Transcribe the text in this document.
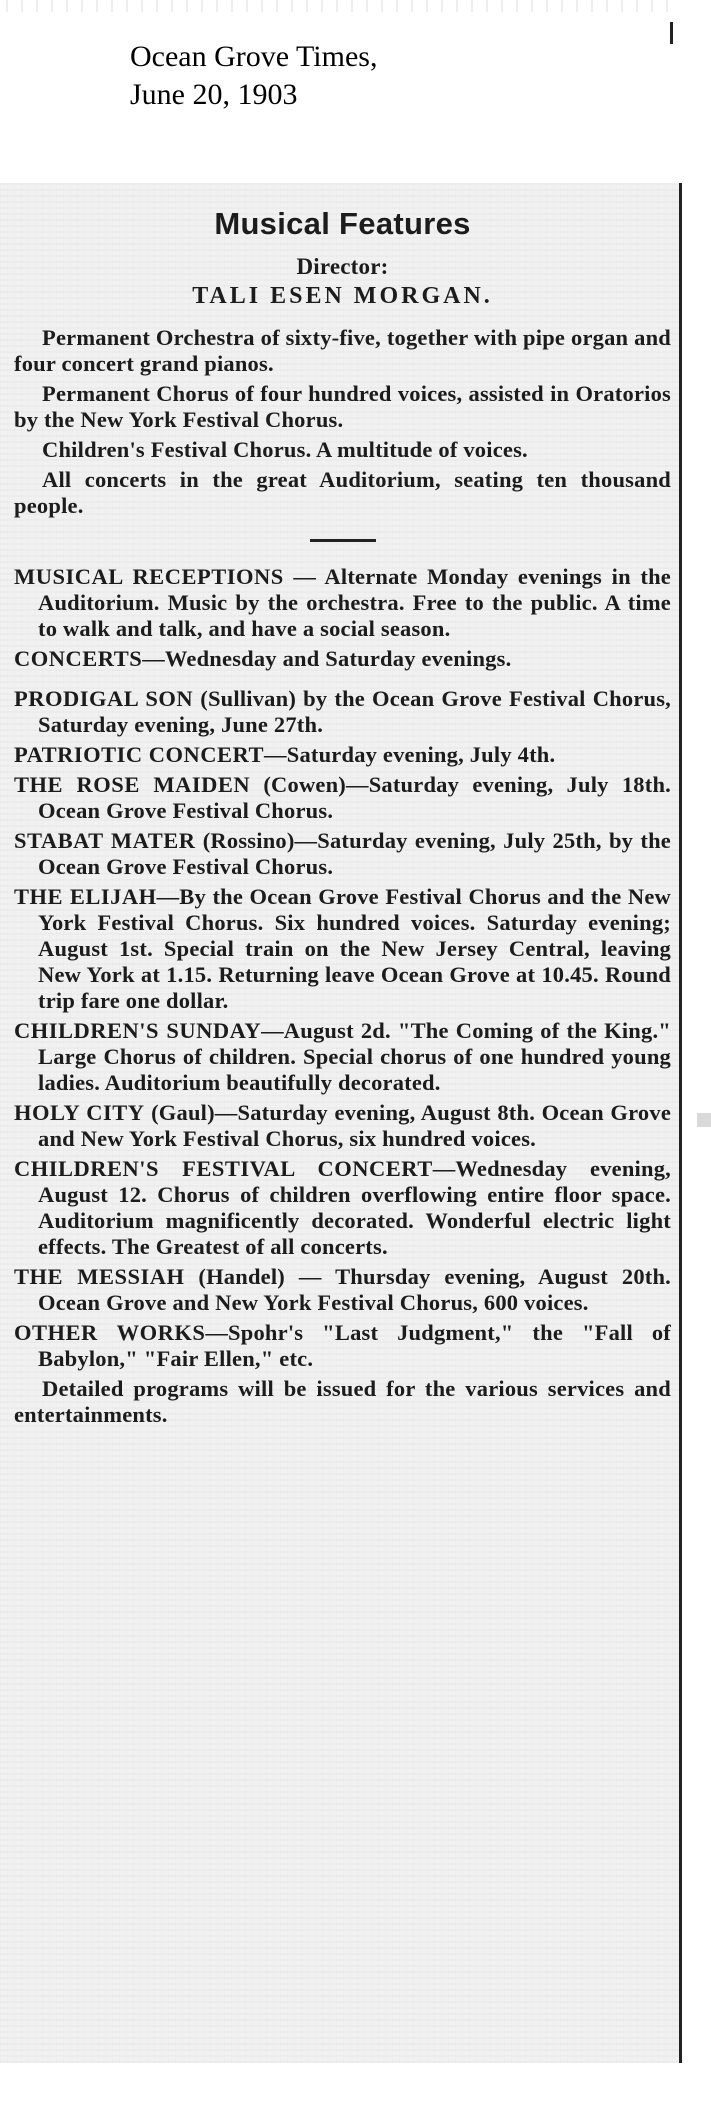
Ocean Grove Times,
June 20, 1903
Musical Features
Director:
TALI ESEN MORGAN.

Permanent Orchestra of sixty-five, together with pipe organ and four concert grand pianos.

Permanent Chorus of four hundred voices, assisted in Oratorios by the New York Festival Chorus.

Children's Festival Chorus. A multitude of voices.

All concerts in the great Auditorium, seating ten thousand people.

MUSICAL RECEPTIONS — Alternate Monday evenings in the Auditorium. Music by the orchestra. Free to the public. A time to walk and talk, and have a social season.

CONCERTS—Wednesday and Saturday evenings.

PRODIGAL SON (Sullivan) by the Ocean Grove Festival Chorus, Saturday evening, June 27th.

PATRIOTIC CONCERT—Saturday evening, July 4th.

THE ROSE MAIDEN (Cowen)—Saturday evening, July 18th. Ocean Grove Festival Chorus.

STABAT MATER (Rossino)—Saturday evening, July 25th, by the Ocean Grove Festival Chorus.

THE ELIJAH—By the Ocean Grove Festival Chorus and the New York Festival Chorus. Six hundred voices. Saturday evening; August 1st. Special train on the New Jersey Central, leaving New York at 1.15. Returning leave Ocean Grove at 10.45. Round trip fare one dollar.

CHILDREN'S SUNDAY—August 2d. "The Coming of the King." Large Chorus of children. Special chorus of one hundred young ladies. Auditorium beautifully decorated.

HOLY CITY (Gaul)—Saturday evening, August 8th. Ocean Grove and New York Festival Chorus, six hundred voices.

CHILDREN'S FESTIVAL CONCERT—Wednesday evening, August 12. Chorus of children overflowing entire floor space. Auditorium magnificently decorated. Wonderful electric light effects. The Greatest of all concerts.

THE MESSIAH (Handel) — Thursday evening, August 20th. Ocean Grove and New York Festival Chorus, 600 voices.

OTHER WORKS—Spohr's "Last Judgment," the "Fall of Babylon," "Fair Ellen," etc.

Detailed programs will be issued for the various services and entertainments.
